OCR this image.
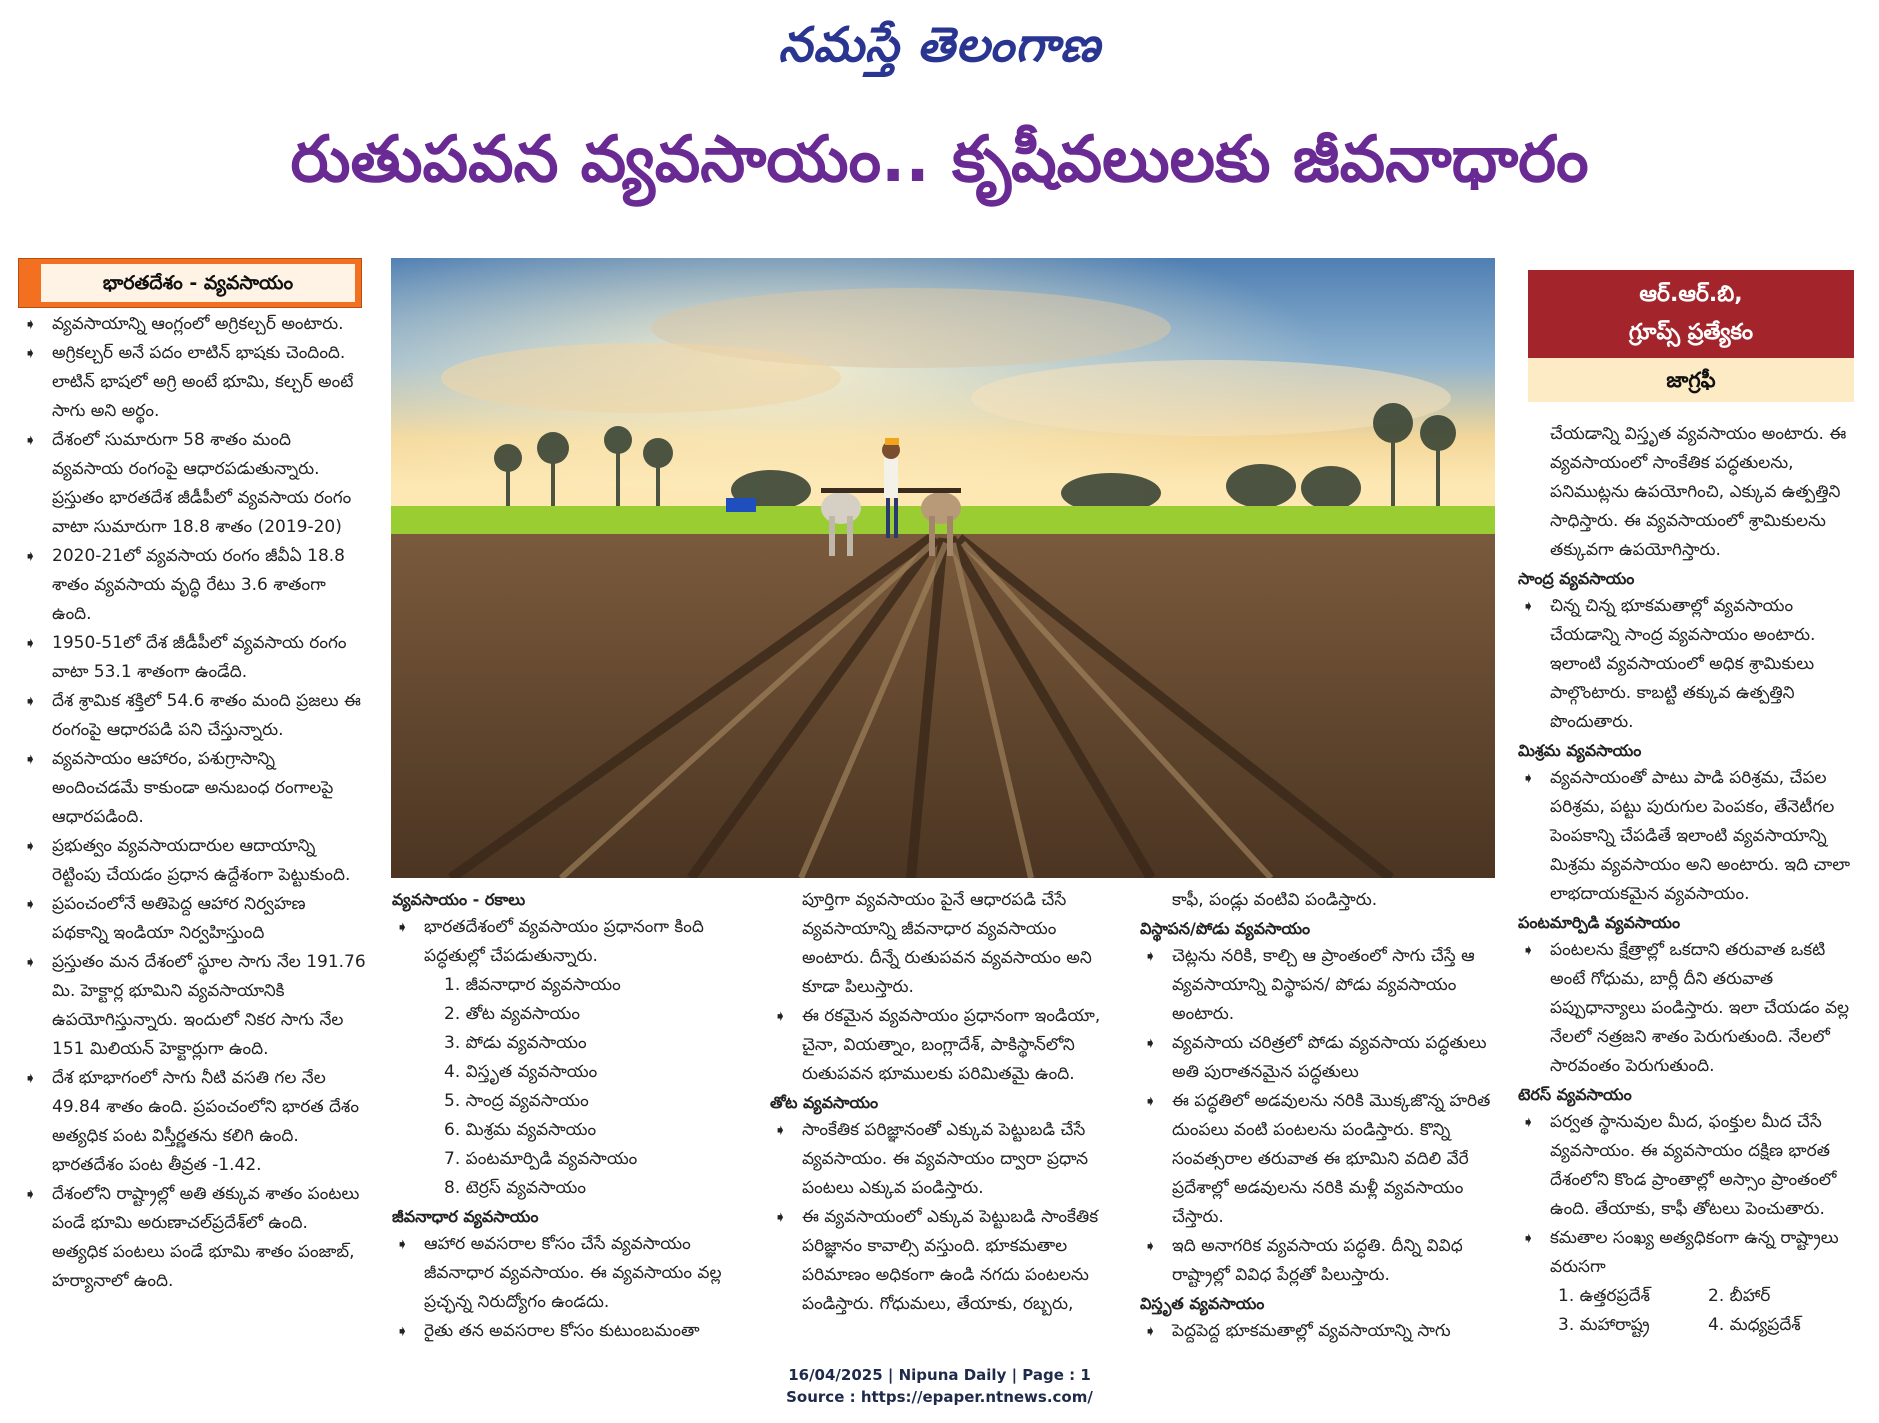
నమస్తే తెలంగాణ
రుతుపవన వ్యవసాయం.. కృషీవలులకు జీవనాధారం
భారతదేశం - వ్యవసాయం

➧ వ్యవసాయాన్ని ఆంగ్లంలో అగ్రికల్చర్ అంటారు.

➧ అగ్రికల్చర్ అనే పదం లాటిన్ భాషకు చెందింది. లాటిన్ భాషలో అగ్రి అంటే భూమి, కల్చర్ అంటే సాగు అని అర్థం.

➧ దేశంలో సుమారుగా 58 శాతం మంది వ్యవసాయ రంగంపై ఆధారపడుతున్నారు. ప్రస్తుతం భారతదేశ జీడీపీలో వ్యవసాయ రంగం వాటా సుమారుగా 18.8 శాతం (2019-20)

➧ 2020-21లో వ్యవసాయ రంగం జీవీఏ 18.8 శాతం వ్యవసాయ వృద్ధి రేటు 3.6 శాతంగా ఉంది.

➧ 1950-51లో దేశ జీడీపీలో వ్యవసాయ రంగం వాటా 53.1 శాతంగా ఉండేది.

➧ దేశ శ్రామిక శక్తిలో 54.6 శాతం మంది ప్రజలు ఈ రంగంపై ఆధారపడి పని చేస్తున్నారు.

➧ వ్యవసాయం ఆహారం, పశుగ్రాసాన్ని అందించడమే కాకుండా అనుబంధ రంగాలపై ఆధారపడింది.

➧ ప్రభుత్వం వ్యవసాయదారుల ఆదాయాన్ని రెట్టింపు చేయడం ప్రధాన ఉద్దేశంగా పెట్టుకుంది.

➧ ప్రపంచంలోనే అతిపెద్ద ఆహార నిర్వహణ పథకాన్ని ఇండియా నిర్వహిస్తుంది

➧ ప్రస్తుతం మన దేశంలో స్థూల సాగు నేల 191.76 మి. హెక్టార్ల భూమిని వ్యవసాయానికి ఉపయోగిస్తున్నారు. ఇందులో నికర సాగు నేల 151 మిలియన్ హెక్టార్లుగా ఉంది.

➧ దేశ భూభాగంలో సాగు నీటి వసతి గల నేల 49.84 శాతం ఉంది. ప్రపంచంలోని భారత దేశం అత్యధిక పంట విస్తీర్ణతను కలిగి ఉంది. భారతదేశం పంట తీవ్రత -1.42.

➧ దేశంలోని రాష్ట్రాల్లో అతి తక్కువ శాతం పంటలు పండే భూమి అరుణాచల్‌ప్రదేశ్‌లో ఉంది. అత్యధిక పంటలు పండే భూమి శాతం పంజాబ్, హర్యానాలో ఉంది.

వ్యవసాయం - రకాలు

➧ భారతదేశంలో వ్యవసాయం ప్రధానంగా కింది పద్ధతుల్లో చేపడుతున్నారు.

1. జీవనాధార వ్యవసాయం

2. తోట వ్యవసాయం

3. పోడు వ్యవసాయం

4. విస్తృత వ్యవసాయం

5. సాంద్ర వ్యవసాయం

6. మిశ్రమ వ్యవసాయం

7. పంటమార్పిడి వ్యవసాయం

8. టెర్రస్ వ్యవసాయం

జీవనాధార వ్యవసాయం

➧ ఆహార అవసరాల కోసం చేసే వ్యవసాయం జీవనాధార వ్యవసాయం. ఈ వ్యవసాయం వల్ల ప్రచ్ఛన్న నిరుద్యోగం ఉండదు.

➧ రైతు తన అవసరాల కోసం కుటుంబమంతా

పూర్తిగా వ్యవసాయం పైనే ఆధారపడి చేసే వ్యవసాయాన్ని జీవనాధార వ్యవసాయం అంటారు. దీన్నే రుతుపవన వ్యవసాయం అని కూడా పిలుస్తారు.

➧ ఈ రకమైన వ్యవసాయం ప్రధానంగా ఇండియా, చైనా, వియత్నాం, బంగ్లాదేశ్, పాకిస్థాన్‌లోని రుతుపవన భూములకు పరిమితమై ఉంది.

తోట వ్యవసాయం

➧ సాంకేతిక పరిజ్ఞానంతో ఎక్కువ పెట్టుబడి చేసే వ్యవసాయం. ఈ వ్యవసాయం ద్వారా ప్రధాన పంటలు ఎక్కువ పండిస్తారు.

➧ ఈ వ్యవసాయంలో ఎక్కువ పెట్టుబడి సాంకేతిక పరిజ్ఞానం కావాల్సి వస్తుంది. భూకమతాల పరిమాణం అధికంగా ఉండి నగదు పంటలను పండిస్తారు. గోధుమలు, తేయాకు, రబ్బరు,

కాఫీ, పండ్లు వంటివి పండిస్తారు.

విస్థాపన/పోడు వ్యవసాయం

➧ చెట్లను నరికి, కాల్చి ఆ ప్రాంతంలో సాగు చేస్తే ఆ వ్యవసాయాన్ని విస్థాపన/ పోడు వ్యవసాయం అంటారు.

➧ వ్యవసాయ చరిత్రలో పోడు వ్యవసాయ పద్ధతులు అతి పురాతనమైన పద్ధతులు

➧ ఈ పద్ధతిలో అడవులను నరికి మొక్కజొన్న హరిత దుంపలు వంటి పంటలను పండిస్తారు. కొన్ని సంవత్సరాల తరువాత ఈ భూమిని వదిలి వేరే ప్రదేశాల్లో అడవులను నరికి మళ్లీ వ్యవసాయం చేస్తారు.

➧ ఇది అనాగరిక వ్యవసాయ పద్ధతి. దీన్ని వివిధ రాష్ట్రాల్లో వివిధ పేర్లతో పిలుస్తారు.

విస్తృత వ్యవసాయం

➧ పెద్దపెద్ద భూకమతాల్లో వ్యవసాయాన్ని సాగు

ఆర్.ఆర్.బి,
గ్రూప్స్ ప్రత్యేకం
జాగ్రఫీ

చేయడాన్ని విస్తృత వ్యవసాయం అంటారు. ఈ వ్యవసాయంలో సాంకేతిక పద్ధతులను, పనిముట్లను ఉపయోగించి, ఎక్కువ ఉత్పత్తిని సాధిస్తారు. ఈ వ్యవసాయంలో శ్రామికులను తక్కువగా ఉపయోగిస్తారు.

సాంద్ర వ్యవసాయం

➧ చిన్న చిన్న భూకమతాల్లో వ్యవసాయం చేయడాన్ని సాంద్ర వ్యవసాయం అంటారు. ఇలాంటి వ్యవసాయంలో అధిక శ్రామికులు పాల్గొంటారు. కాబట్టి తక్కువ ఉత్పత్తిని పొందుతారు.

మిశ్రమ వ్యవసాయం

➧ వ్యవసాయంతో పాటు పాడి పరిశ్రమ, చేపల పరిశ్రమ, పట్టు పురుగుల పెంపకం, తేనెటీగల పెంపకాన్ని చేపడితే ఇలాంటి వ్యవసాయాన్ని మిశ్రమ వ్యవసాయం అని అంటారు. ఇది చాలా లాభదాయకమైన వ్యవసాయం.

పంటమార్పిడి వ్యవసాయం

➧ పంటలను క్షేత్రాల్లో ఒకదాని తరువాత ఒకటి అంటే గోధుమ, బార్లీ దీని తరువాత పప్పుధాన్యాలు పండిస్తారు. ఇలా చేయడం వల్ల నేలలో నత్రజని శాతం పెరుగుతుంది. నేలలో సారవంతం పెరుగుతుంది.

టెరస్ వ్యవసాయం

➧ పర్వత స్థానువుల మీద, ఫంక్తుల మీద చేసే వ్యవసాయం. ఈ వ్యవసాయం దక్షిణ భారత దేశంలోని కొండ ప్రాంతాల్లో అస్సాం ప్రాంతంలో ఉంది. తేయాకు, కాఫీ తోటలు పెంచుతారు.

➧ కమతాల సంఖ్య అత్యధికంగా ఉన్న రాష్ట్రాలు వరుసగా

1. ఉత్తరప్రదేశ్	2. బీహార్
3. మహారాష్ట్ర	4. మధ్యప్రదేశ్
16/04/2025 | Nipuna Daily | Page : 1
Source : https://epaper.ntnews.com/
